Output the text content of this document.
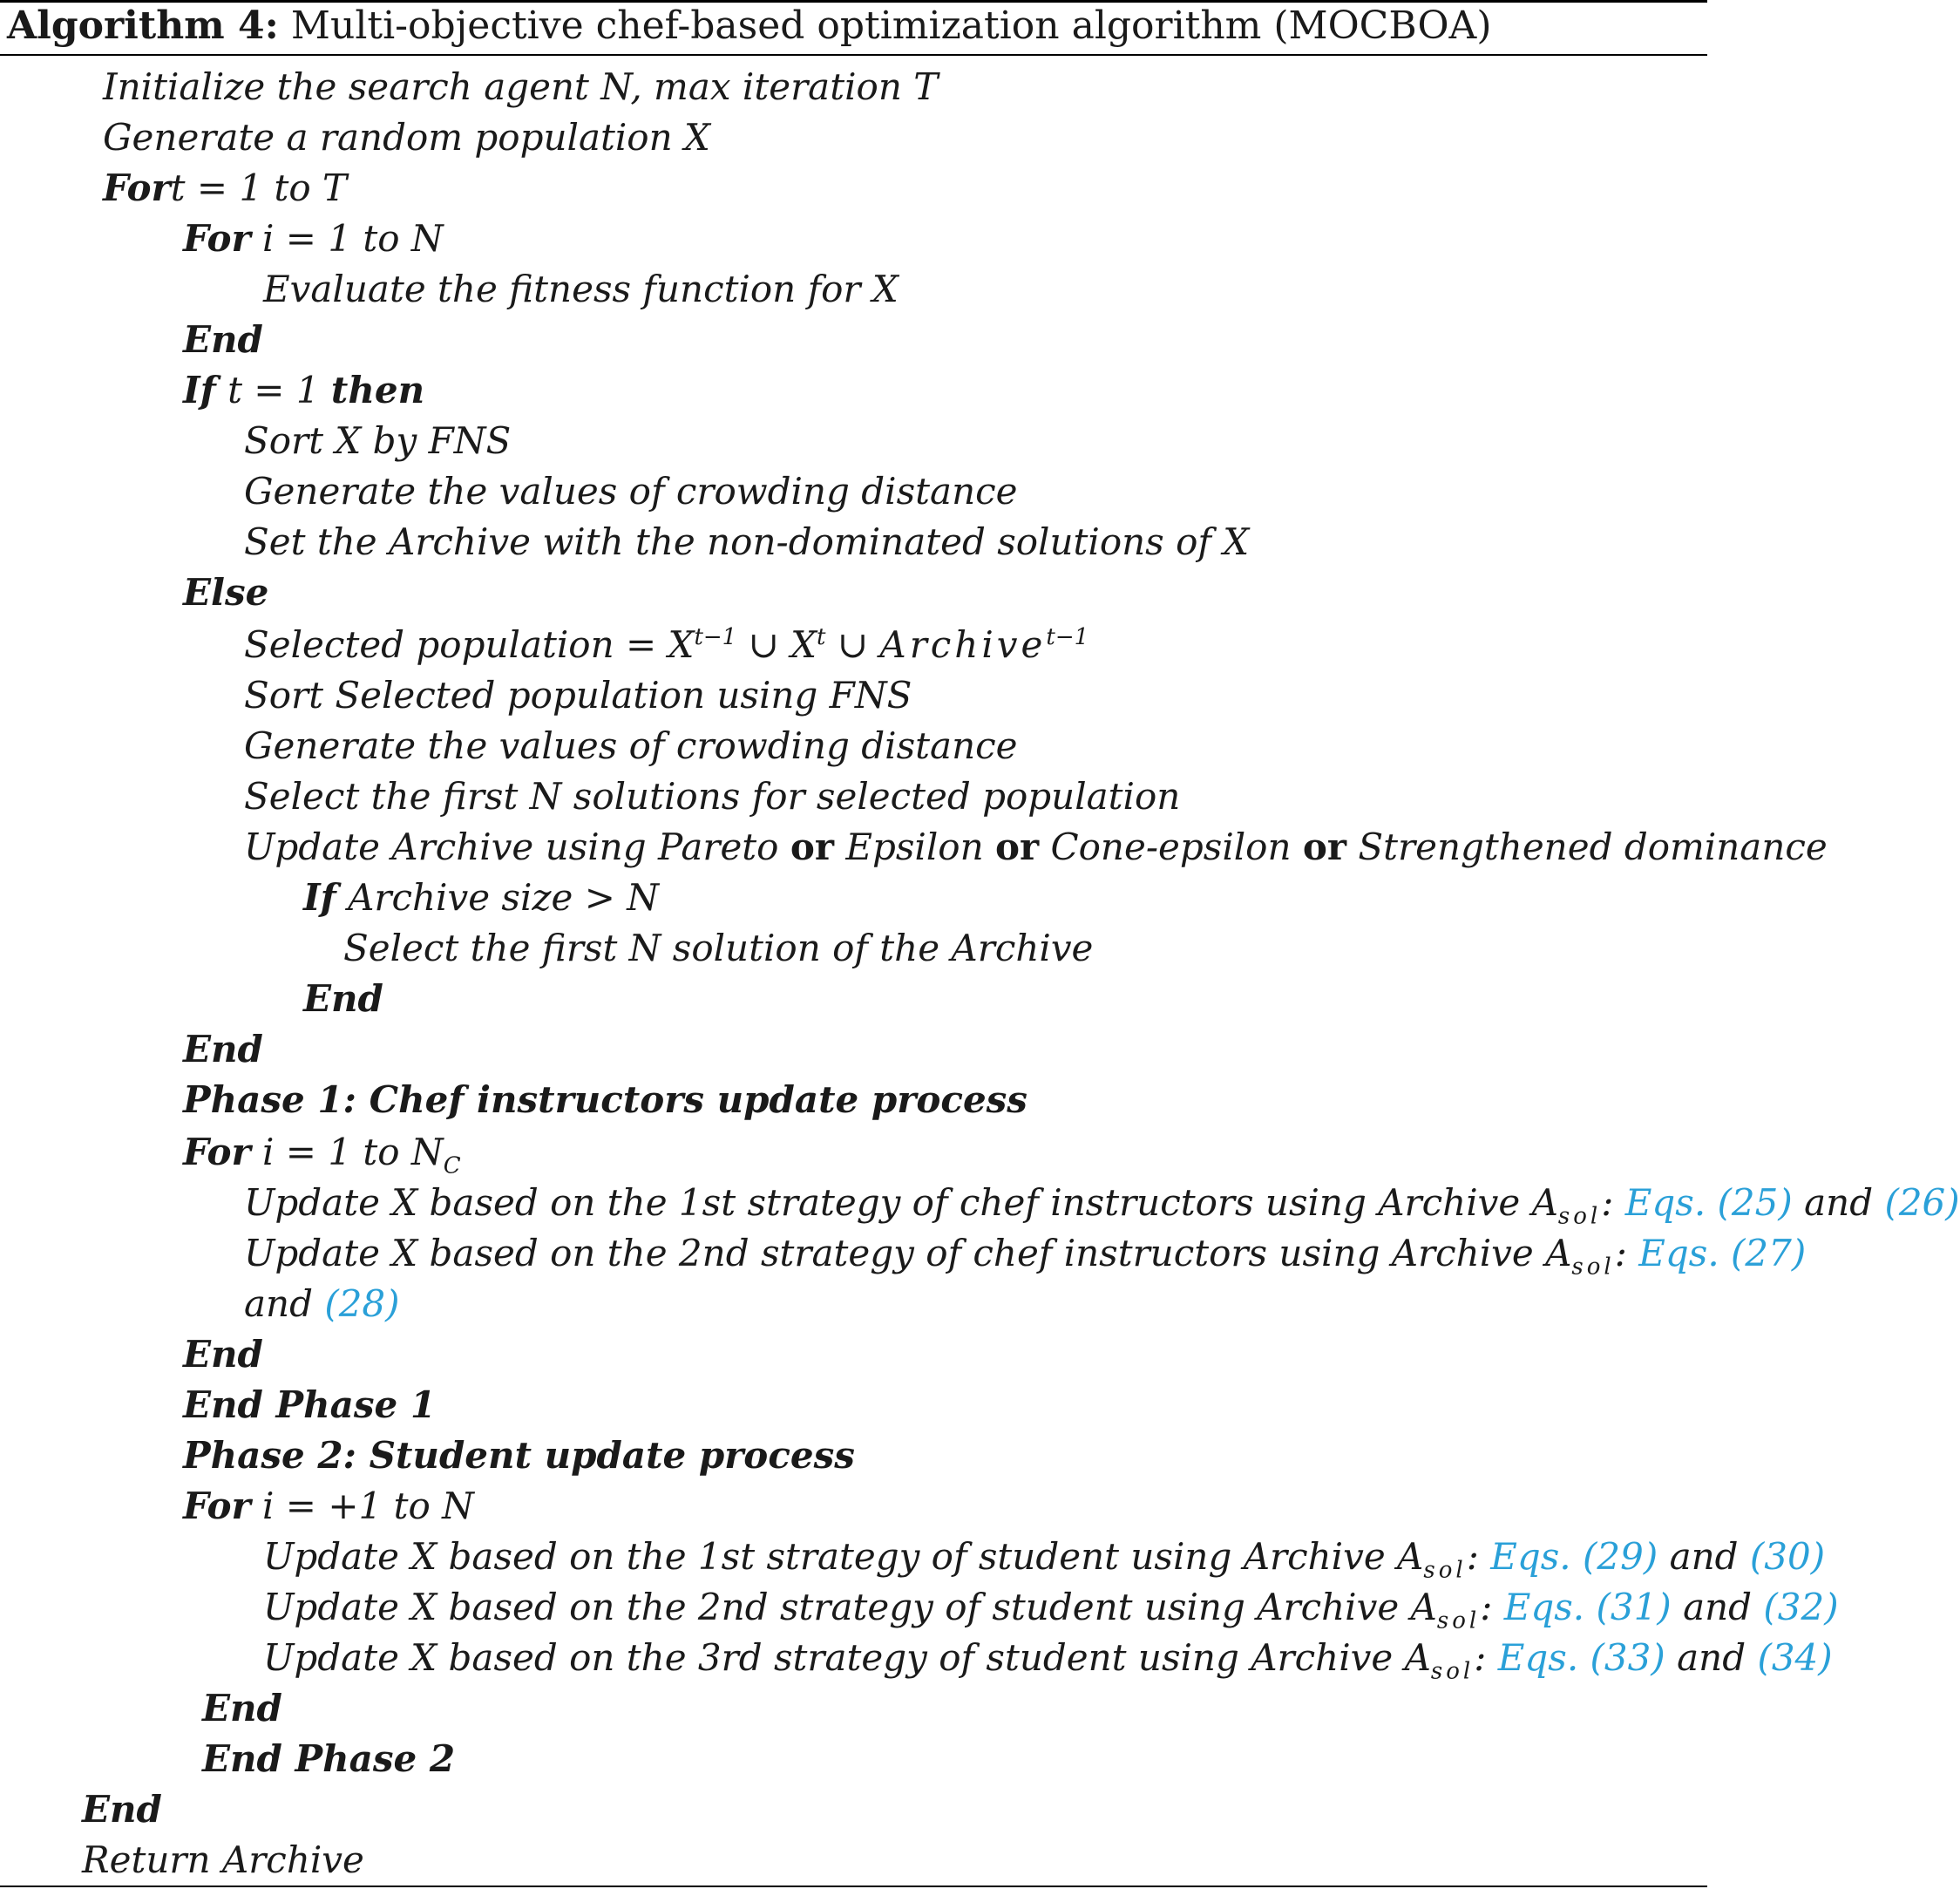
Algorithm 4: Multi-objective chef-based optimization algorithm (MOCBOA)
Initialize the search agent N, max iteration T
Generate a random population X
Fort = 1 to T
For i = 1 to N
Evaluate the fitness function for X
End
If t = 1 then
Sort X by FNS
Generate the values of crowding distance
Set the Archive with the non-dominated solutions of X
Else
Selected population = $X^{t-1}$ ∪ $X^t$ ∪ Archive$^{t-1}$
Sort Selected population using FNS
Generate the values of crowding distance
Select the first N solutions for selected population
Update Archive using Pareto or Epsilon or Cone-epsilon or Strengthened dominance
If Archive size > N
Select the first N solution of the Archive
End
End
Phase 1: Chef instructors update process
For i = 1 to $N_C$
Update X based on the 1st strategy of chef instructors using Archive $A_{sol}$: Eqs. (25) and (26)
Update X based on the 2nd strategy of chef instructors using Archive $A_{sol}$: Eqs. (27)
and (28)
End
End Phase 1
Phase 2: Student update process
For i = +1 to N
Update X based on the 1st strategy of student using Archive $A_{sol}$: Eqs. (29) and (30)
Update X based on the 2nd strategy of student using Archive $A_{sol}$: Eqs. (31) and (32)
Update X based on the 3rd strategy of student using Archive $A_{sol}$: Eqs. (33) and (34)
End
End Phase 2
End
Return Archive
